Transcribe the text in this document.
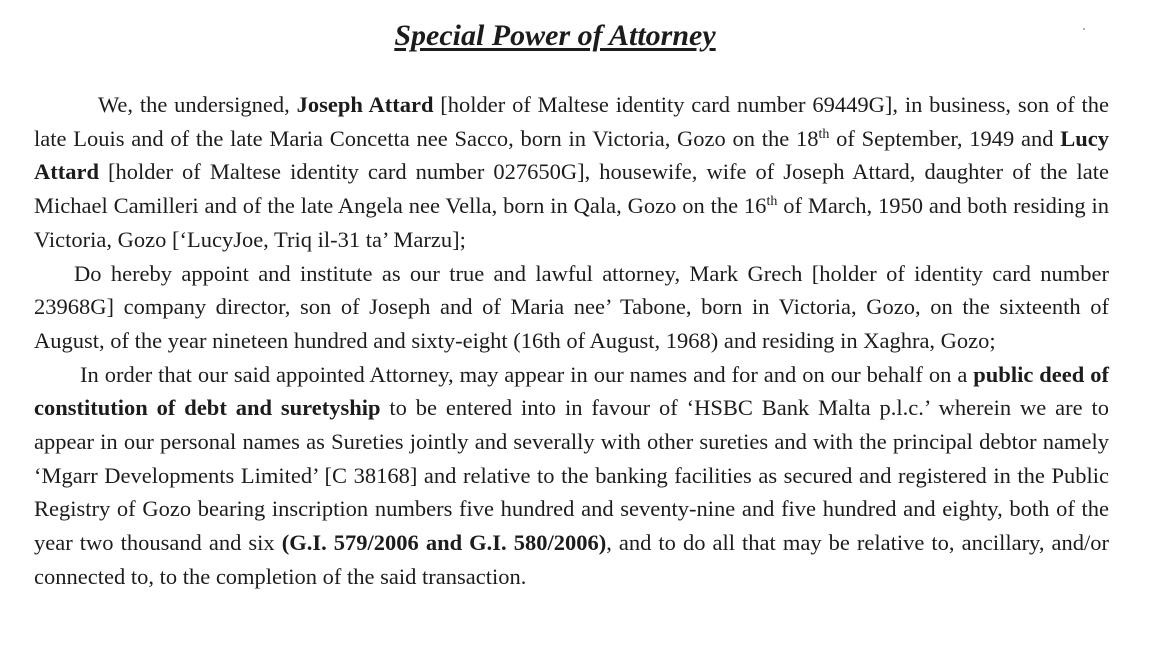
Special Power of Attorney

We, the undersigned, Joseph Attard [holder of Maltese identity card number 69449G], in business, son of the late Louis and of the late Maria Concetta nee Sacco, born in Victoria, Gozo on the 18th of September, 1949 and Lucy Attard [holder of Maltese identity card number 027650G], housewife, wife of Joseph Attard, daughter of the late Michael Camilleri and of the late Angela nee Vella, born in Qala, Gozo on the 16th of March, 1950 and both residing in Victoria, Gozo [‘LucyJoe, Triq il-31 ta’ Marzu];

Do hereby appoint and institute as our true and lawful attorney, Mark Grech [holder of identity card number 23968G] company director, son of Joseph and of Maria nee’ Tabone, born in Victoria, Gozo, on the sixteenth of August, of the year nineteen hundred and sixty-eight (16th of August, 1968) and residing in Xaghra, Gozo;

In order that our said appointed Attorney, may appear in our names and for and on our behalf on a public deed of constitution of debt and suretyship to be entered into in favour of ‘HSBC Bank Malta p.l.c.’ wherein we are to appear in our personal names as Sureties jointly and severally with other sureties and with the principal debtor namely ‘Mgarr Developments Limited’ [C 38168] and relative to the banking facilities as secured and registered in the Public Registry of Gozo bearing inscription numbers five hundred and seventy-nine and five hundred and eighty, both of the year two thousand and six (G.I. 579/2006 and G.I. 580/2006), and to do all that may be relative to, ancillary, and/or connected to, to the completion of the said transaction.
